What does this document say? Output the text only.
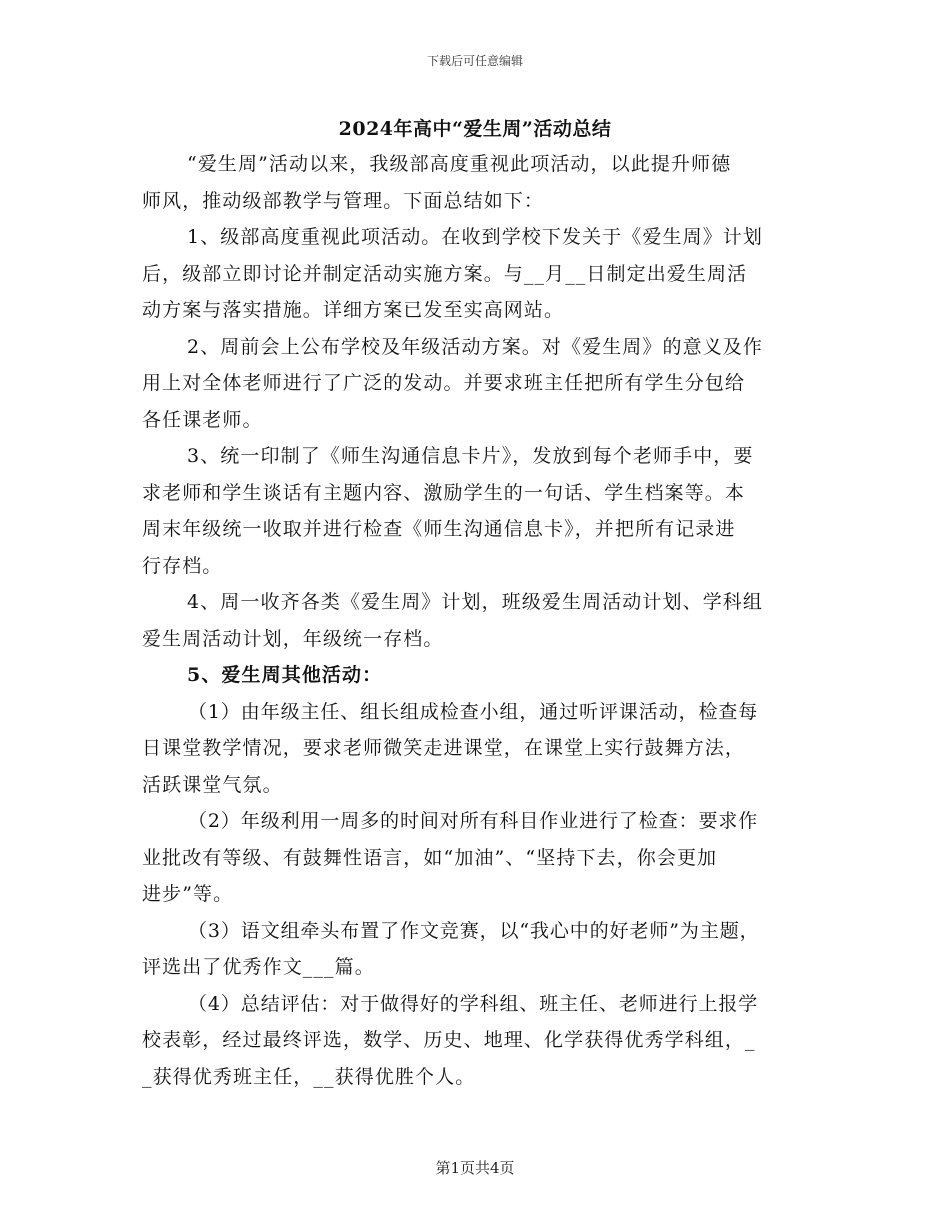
下载后可任意编辑
2024年高中“爱生周”活动总结
“爱生周”活动以来，我级部高度重视此项活动，以此提升师德
师风，推动级部教学与管理。下面总结如下：
1、级部高度重视此项活动。在收到学校下发关于《爱生周》计划
后，级部立即讨论并制定活动实施方案。与__月__日制定出爱生周活
动方案与落实措施。详细方案已发至实高网站。
2、周前会上公布学校及年级活动方案。对《爱生周》的意义及作
用上对全体老师进行了广泛的发动。并要求班主任把所有学生分包给
各任课老师。
3、统一印制了《师生沟通信息卡片》，发放到每个老师手中，要
求老师和学生谈话有主题内容、激励学生的一句话、学生档案等。本
周末年级统一收取并进行检查《师生沟通信息卡》，并把所有记录进
行存档。
4、周一收齐各类《爱生周》计划，班级爱生周活动计划、学科组
爱生周活动计划，年级统一存档。
5、爱生周其他活动：
（1）由年级主任、组长组成检查小组，通过听评课活动，检查每
日课堂教学情况，要求老师微笑走进课堂，在课堂上实行鼓舞方法，
活跃课堂气氛。
（2）年级利用一周多的时间对所有科目作业进行了检查：要求作
业批改有等级、有鼓舞性语言，如“加油”、“坚持下去，你会更加
进步”等。
（3）语文组牵头布置了作文竞赛，以“我心中的好老师”为主题，
评选出了优秀作文___篇。
（4）总结评估：对于做得好的学科组、班主任、老师进行上报学
校表彰，经过最终评选，数学、历史、地理、化学获得优秀学科组，_
_获得优秀班主任，__获得优胜个人。
第1页共4页
